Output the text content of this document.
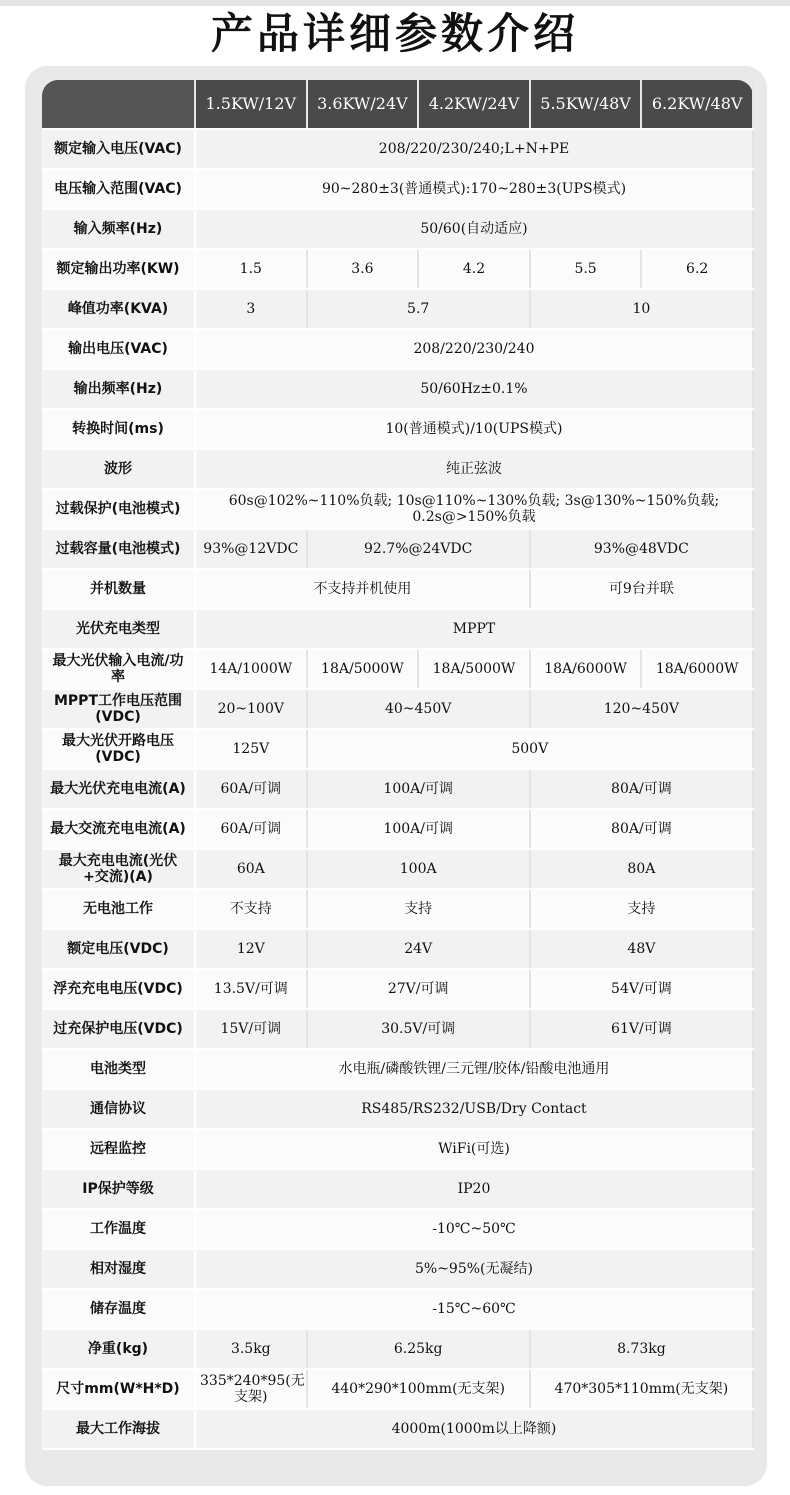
产品详细参数介绍
	1.5KW/12V	3.6KW/24V	4.2KW/24V	5.5KW/48V	6.2KW/48V
额定输入电压(VAC)	208/220/230/240;L+N+PE				
电压输入范围(VAC)	90~280±3(普通模式):170~280±3(UPS模式)				
输入频率(Hz)	50/60(自动适应)				
额定输出功率(KW)	1.5	3.6	4.2	5.5	6.2
峰值功率(KVA)	3	5.7		10	
输出电压(VAC)	208/220/230/240				
输出频率(Hz)	50/60Hz±0.1%				
转换时间(ms)	10(普通模式)/10(UPS模式)				
波形	纯正弦波				
过载保护(电池模式)	60s@102%~110%负载; 10s@110%~130%负载; 3s@130%~150%负载; 0.2s@>150%负载				
过载容量(电池模式)	93%@12VDC	92.7%@24VDC		93%@48VDC	
并机数量	不支持并机使用			可9台并联	
光伏充电类型	MPPT				
最大光伏输入电流/功率	14A/1000W	18A/5000W	18A/5000W	18A/6000W	18A/6000W
MPPT工作电压范围(VDC)	20~100V	40~450V		120~450V	
最大光伏开路电压(VDC)	125V	500V			
最大光伏充电电流(A)	60A/可调	100A/可调		80A/可调	
最大交流充电电流(A)	60A/可调	100A/可调		80A/可调	
最大充电电流(光伏+交流)(A)	60A	100A		80A	
无电池工作	不支持	支持		支持	
额定电压(VDC)	12V	24V		48V	
浮充充电电压(VDC)	13.5V/可调	27V/可调		54V/可调	
过充保护电压(VDC)	15V/可调	30.5V/可调		61V/可调	
电池类型	水电瓶/磷酸铁锂/三元锂/胶体/铅酸电池通用				
通信协议	RS485/RS232/USB/Dry Contact				
远程监控	WiFi(可选)				
IP保护等级	IP20				
工作温度	-10℃~50℃				
相对湿度	5%~95%(无凝结)				
储存温度	-15℃~60℃				
净重(kg)	3.5kg	6.25kg		8.73kg	
尺寸mm(W*H*D)	335*240*95(无支架)	440*290*100mm(无支架)		470*305*110mm(无支架)	
最大工作海拔	4000m(1000m以上降额)				
